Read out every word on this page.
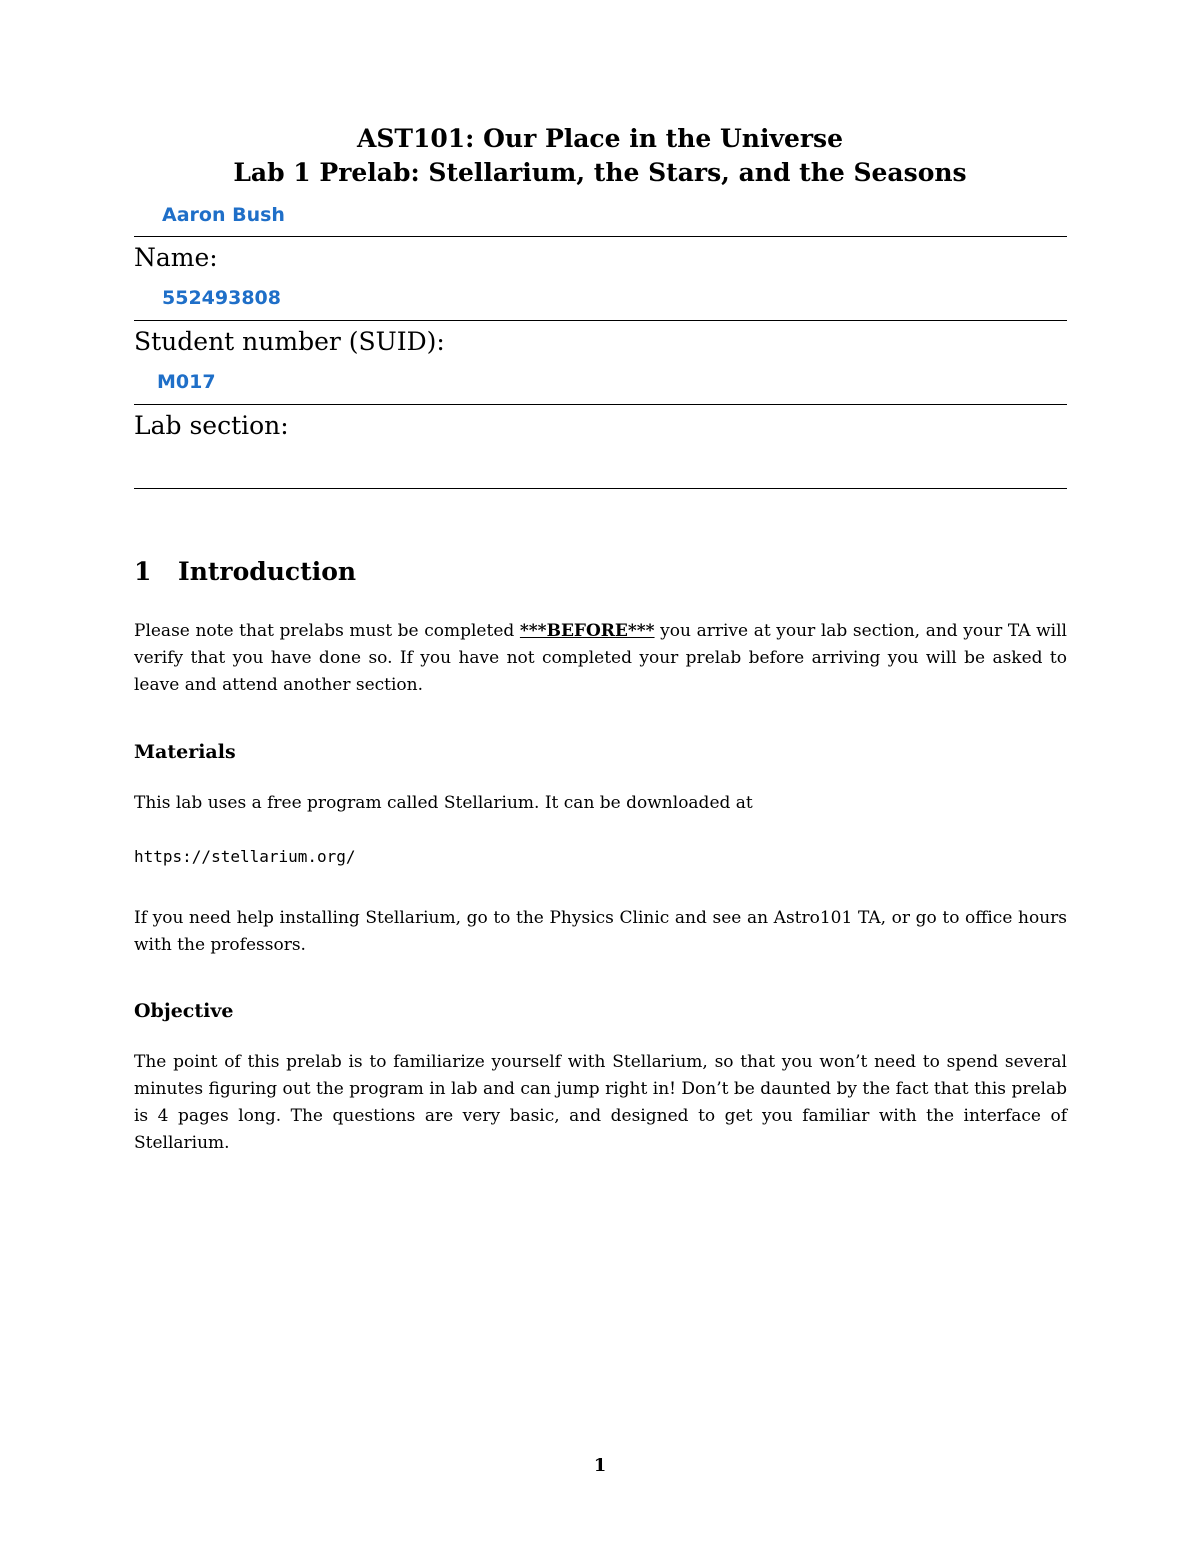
AST101: Our Place in the Universe
Lab 1 Prelab: Stellarium, the Stars, and the Seasons
Aaron Bush
Name:
552493808
Student number (SUID):
M017
Lab section:
1 Introduction
Please note that prelabs must be completed ***BEFORE*** you arrive at your lab section, and your TA will verify that you have done so. If you have not completed your prelab before arriving you will be asked to leave and attend another section.
Materials
This lab uses a free program called Stellarium. It can be downloaded at
https://stellarium.org/
If you need help installing Stellarium, go to the Physics Clinic and see an Astro101 TA, or go to office hours with the professors.
Objective
The point of this prelab is to familiarize yourself with Stellarium, so that you won’t need to spend several minutes figuring out the program in lab and can jump right in! Don’t be daunted by the fact that this prelab is 4 pages long. The questions are very basic, and designed to get you familiar with the interface of Stellarium.
1
